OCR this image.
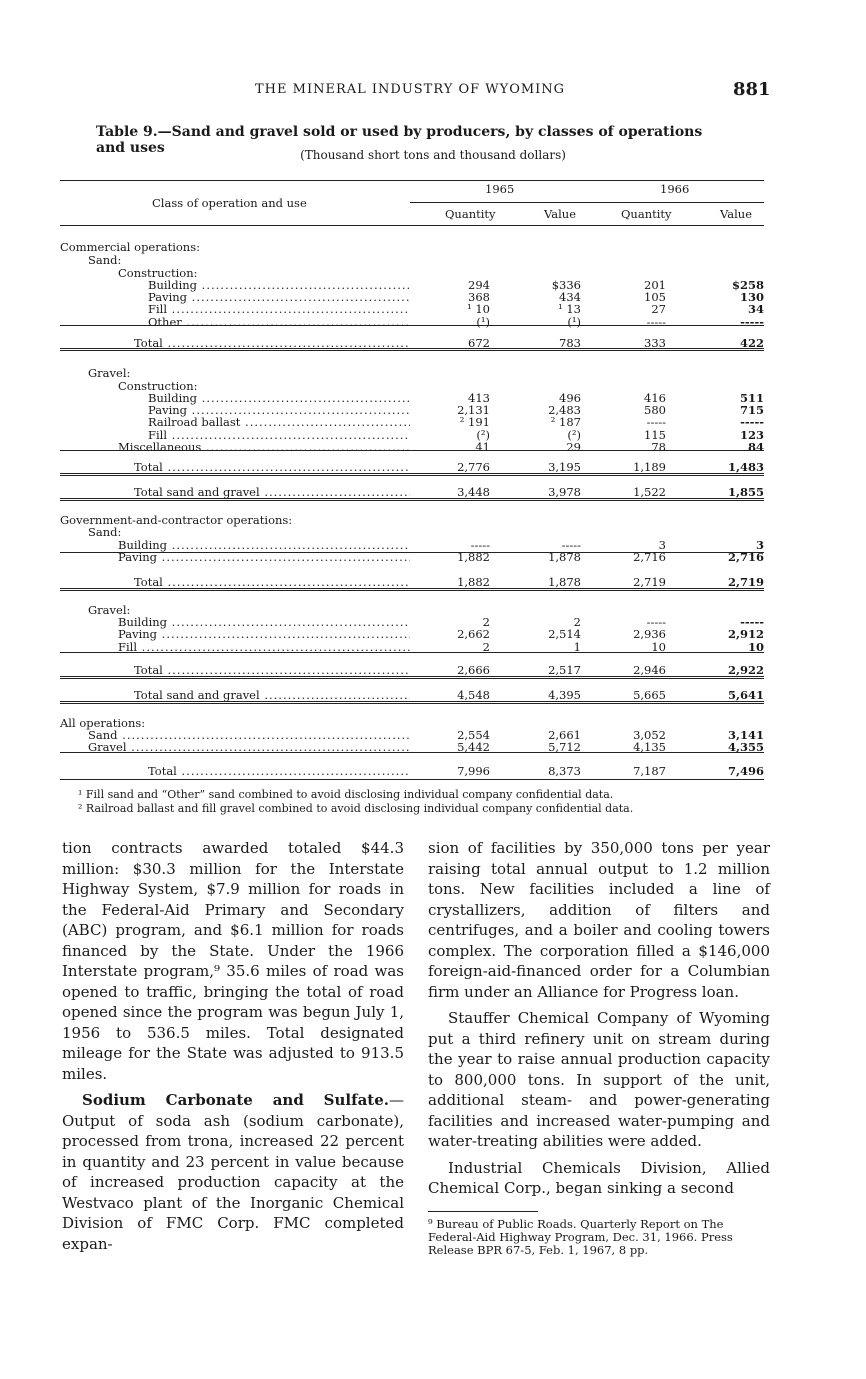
THE MINERAL INDUSTRY OF WYOMING	881
Table 9.—Sand and gravel sold or used by producers, by classes of operations and uses	(Thousand short tons and thousand dollars)
Class of operation and use
1965	1966
Quantity	Value	Quantity	Value
Commercial operations:
Sand:
Construction:
Building .....	294	$336	201	$258
Paving .....	368	434	105	130
Fill .....	¹ 10	¹ 13	27	34
Other .....	(¹)	(¹)	-----	-----
Total .....	672	783	333	422
Gravel:
Construction:
Building .....	413	496	416	511
Paving .....	2,131	2,483	580	715
Railroad ballast .....	² 191	² 187	-----	-----
Fill .....	(²)	(²)	115	123
Miscellaneous .....	41	29	78	84
Total .....	2,776	3,195	1,189	1,483
Total sand and gravel .....	3,448	3,978	1,522	1,855
Government-and-contractor operations:
Sand:
Building .....	-----	-----	3	3
Paving .....	1,882	1,878	2,716	2,716
Total .....	1,882	1,878	2,719	2,719
Gravel:
Building .....	2	2	-----	-----
Paving .....	2,662	2,514	2,936	2,912
Fill .....	2	1	10	10
Total .....	2,666	2,517	2,946	2,922
Total sand and gravel .....	4,548	4,395	5,665	5,641
All operations:
Sand .....	2,554	2,661	3,052	3,141
Gravel .....	5,442	5,712	4,135	4,355
Total .....	7,996	8,373	7,187	7,496
¹ Fill sand and “Other” sand combined to avoid disclosing individual company confidential data.
² Railroad ballast and fill gravel combined to avoid disclosing individual company confidential data.

tion contracts awarded totaled $44.3 million: $30.3 million for the Interstate Highway System, $7.9 million for roads in the Federal-Aid Primary and Secondary (ABC) program, and $6.1 million for roads financed by the State. Under the 1966 Interstate program,⁹ 35.6 miles of road was opened to traffic, bringing the total of road opened since the program was begun July 1, 1956 to 536.5 miles. Total designated mileage for the State was adjusted to 913.5 miles.

Sodium Carbonate and Sulfate.—Output of soda ash (sodium carbonate), processed from trona, increased 22 percent in quantity and 23 percent in value because of increased production capacity at the Westvaco plant of the Inorganic Chemical Division of FMC Corp. FMC completed expan-

sion of facilities by 350,000 tons per year raising total annual output to 1.2 million tons. New facilities included a line of crystallizers, addition of filters and centrifuges, and a boiler and cooling towers complex. The corporation filled a $146,000 foreign-aid-financed order for a Columbian firm under an Alliance for Progress loan.

Stauffer Chemical Company of Wyoming put a third refinery unit on stream during the year to raise annual production capacity to 800,000 tons. In support of the unit, additional steam- and power-generating facilities and increased water-pumping and water-treating abilities were added.

Industrial Chemicals Division, Allied Chemical Corp., began sinking a second

⁹ Bureau of Public Roads. Quarterly Report on The Federal-Aid Highway Program, Dec. 31, 1966. Press Release BPR 67-5, Feb. 1, 1967, 8 pp.
